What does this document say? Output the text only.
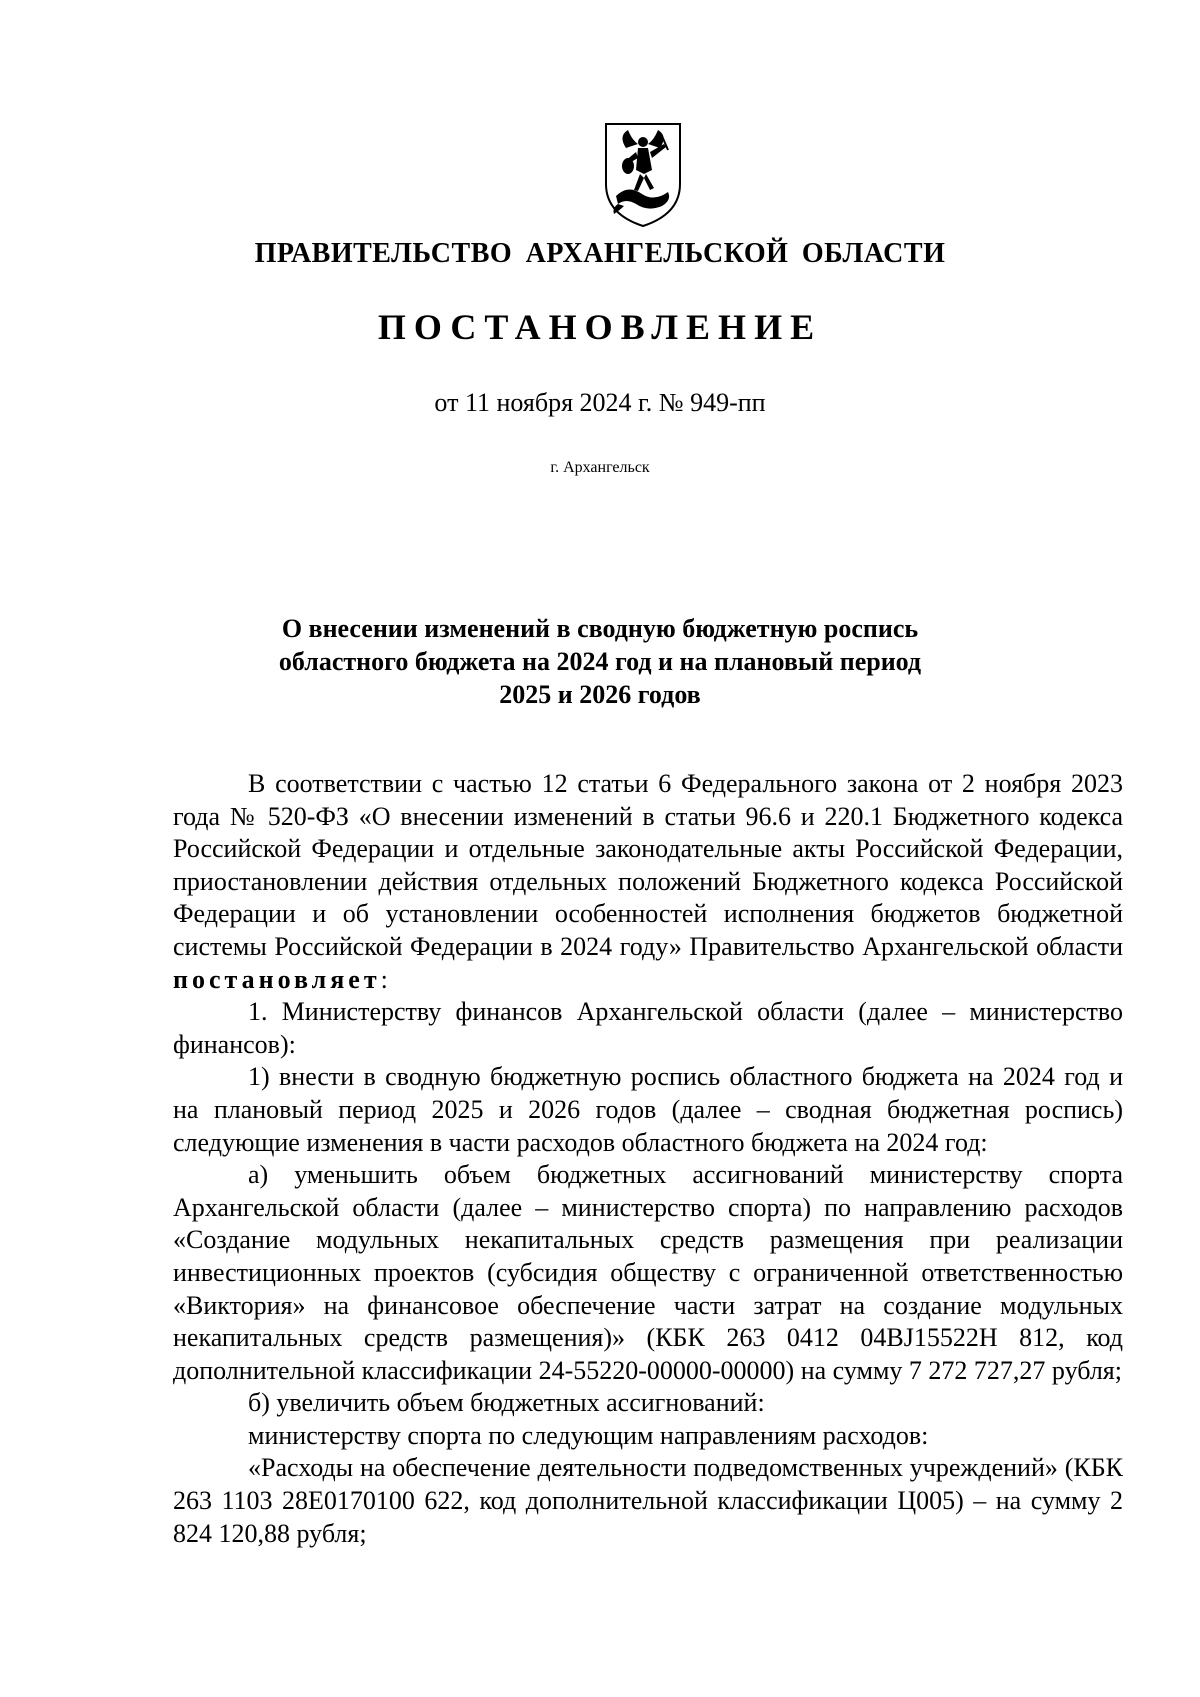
ПРАВИТЕЛЬСТВО АРХАНГЕЛЬСКОЙ ОБЛАСТИ
ПОСТАНОВЛЕНИЕ
от 11 ноября 2024 г. № 949-пп
г. Архангельск
О внесении изменений в сводную бюджетную роспись
областного бюджета на 2024 год и на плановый период
2025 и 2026 годов

В соответствии с частью 12 статьи 6 Федерального закона от 2 ноября 2023 года № 520-ФЗ «О внесении изменений в статьи 96.6 и 220.1 Бюджетного кодекса Российской Федерации и отдельные законодательные акты Российской Федерации, приостановлении действия отдельных положений Бюджетного кодекса Российской Федерации и об установлении особенностей исполнения бюджетов бюджетной системы Российской Федерации в 2024 году» Правительство Архангельской области постановляет:

1. Министерству финансов Архангельской области (далее – министерство финансов):

1) внести в сводную бюджетную роспись областного бюджета на 2024 год и на плановый период 2025 и 2026 годов (далее – сводная бюджетная роспись) следующие изменения в части расходов областного бюджета на 2024 год:

а) уменьшить объем бюджетных ассигнований министерству спорта Архангельской области (далее – министерство спорта) по направлению расходов «Создание модульных некапитальных средств размещения при реализации инвестиционных проектов (субсидия обществу с ограниченной ответственностью «Виктория» на финансовое обеспечение части затрат на создание модульных некапитальных средств размещения)» (КБК 263 0412 04BJ15522H 812, код дополнительной классификации 24-55220-00000-00000) на сумму 7 272 727,27 рубля;

б) увеличить объем бюджетных ассигнований:

министерству спорта по следующим направлениям расходов:

«Расходы на обеспечение деятельности подведомственных учреждений» (КБК 263 1103 28Е0170100 622, код дополнительной классификации Ц005) – на сумму 2 824 120,88 рубля;
